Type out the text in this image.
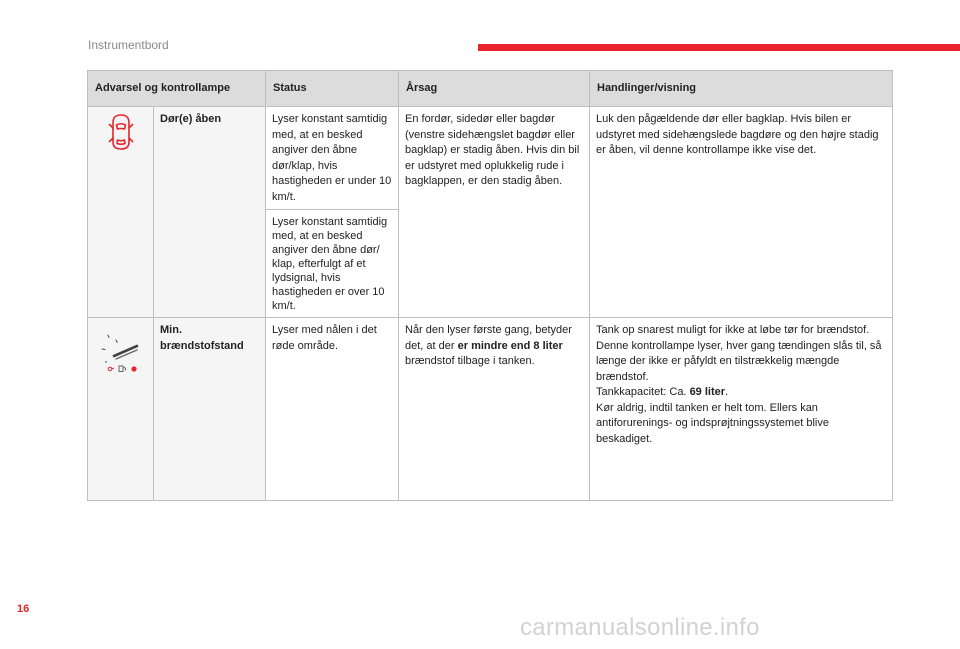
Instrumentbord
Advarsel og kontrollampe		Status	Årsag	Handlinger/visning
	Dør(e) åben	Lyser konstant samtidig med, at en besked angiver den åbne dør/klap, hvis hastigheden er under 10 km/t.	En fordør, sidedør eller bagdør (venstre sidehængslet bagdør eller bagklap) er stadig åben. Hvis din bil er udstyret med oplukkelig rude i bagklappen, er den stadig åben.	Luk den pågældende dør eller bagklap. Hvis bilen er udstyret med sidehængslede bagdøre og den højre stadig er åben, vil denne kontrollampe ikke vise det.
		Lyser konstant samtidig med, at en besked angiver den åbne dør/ klap, efterfulgt af et lydsignal, hvis hastigheden er over 10 km/t.		
	Min. brændstofstand	Lyser med nålen i det røde område.	Når den lyser første gang, betyder det, at der er mindre end 8 liter brændstof tilbage i tanken.	Tank op snarest muligt for ikke at løbe tør for brændstof.
Denne kontrollampe lyser, hver gang tændingen slås til, så længe der ikke er påfyldt en tilstrækkelig mængde brændstof.
Tankkapacitet: Ca. 69 liter.
Kør aldrig, indtil tanken er helt tom. Ellers kan antiforurenings- og indsprøjtningssystemet blive beskadiget.
16
carmanualsonline.info
